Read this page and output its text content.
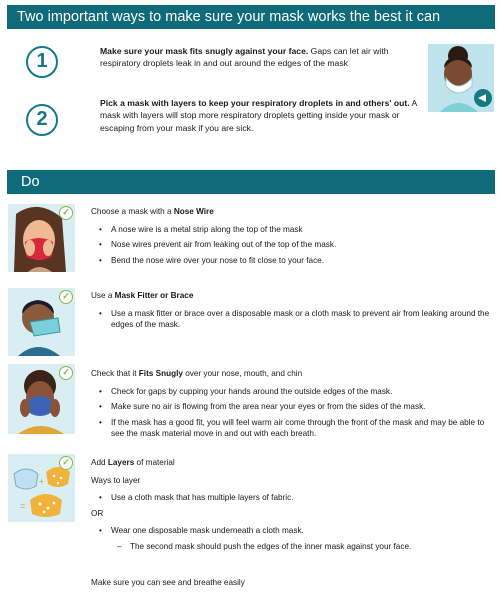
Two important ways to make sure your mask works the best it can
1	Make sure your mask fits snugly against your face. Gaps can let air with respiratory droplets leak in and out around the edges of the mask
2
Pick a mask with layers to keep your respiratory droplets in and others' out. A mask with layers will stop more respiratory droplets getting inside your mask or escaping from your mask if you are sick.
Do
✓	Choose a mask with a Nose Wire
• A nose wire is a metal strip along the top of the mask
• Nose wires prevent air from leaking out of the top of the mask.
• Bend the nose wire over your nose to fit close to your face.
✓	Use a Mask Fitter or Brace
• Use a mask fitter or brace over a disposable mask or a cloth mask to prevent air from leaking around the edges of the mask.
✓	Check that it Fits Snugly over your nose, mouth, and chin
• Check for gaps by cupping your hands around the outside edges of the mask.
• Make sure no air is flowing from the area near your eyes or from the sides of the mask.
• If the mask has a good fit, you will feel warm air come through the front of the mask and may be able to see the mask material move in and out with each breath.
+
=
✓	Add Layers of material

Ways to layer

• Use a cloth mask that has multiple layers of fabric.

OR

• Wear one disposable mask underneath a cloth mask.
– The second mask should push the edges of the inner mask against your face.
Make sure you can see and breathe easily
